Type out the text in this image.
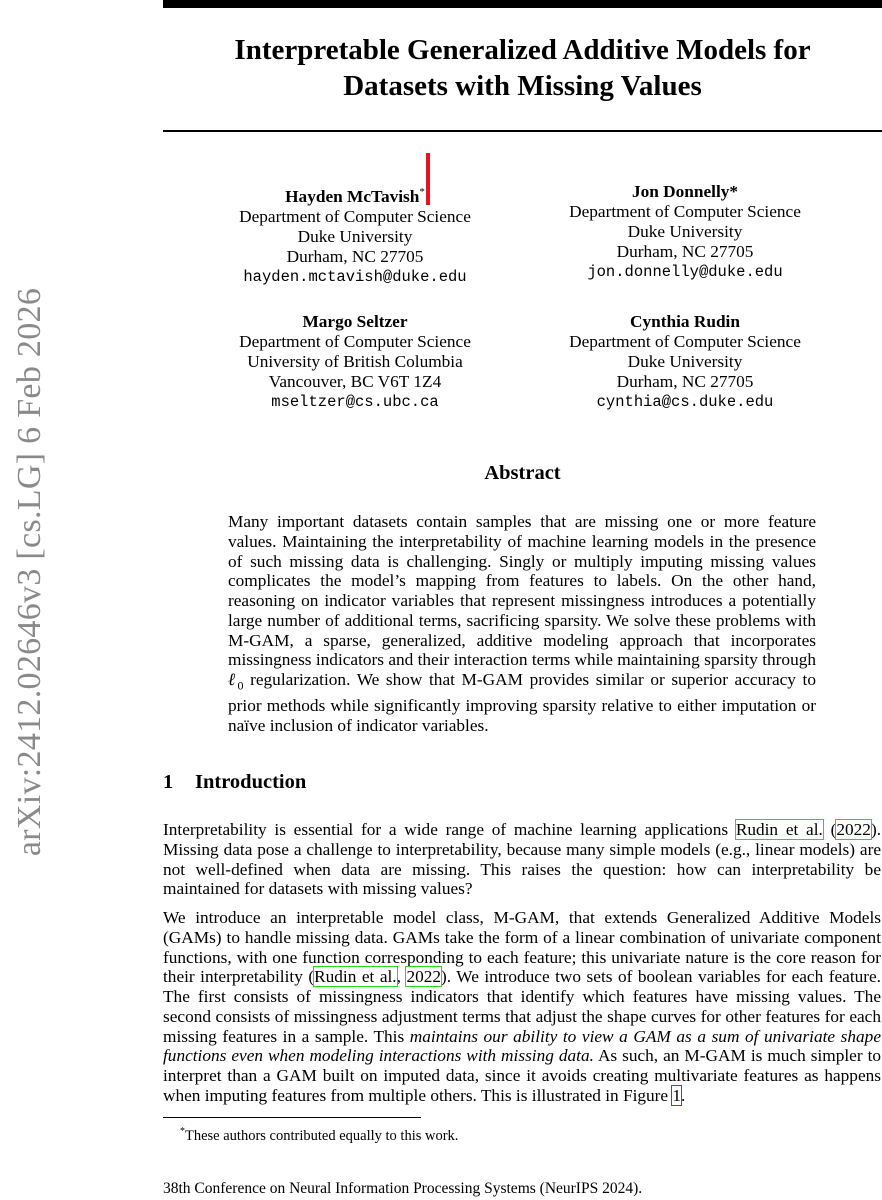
arXiv:2412.02646v3 [cs.LG] 6 Feb 2026
Interpretable Generalized Additive Models for
Datasets with Missing Values
Hayden McTavish*
Department of Computer Science
Duke University
Durham, NC 27705
hayden.mctavish@duke.edu
Jon Donnelly*
Department of Computer Science
Duke University
Durham, NC 27705
jon.donnelly@duke.edu
Margo Seltzer
Department of Computer Science
University of British Columbia
Vancouver, BC V6T 1Z4
mseltzer@cs.ubc.ca
Cynthia Rudin
Department of Computer Science
Duke University
Durham, NC 27705
cynthia@cs.duke.edu
Abstract
Many important datasets contain samples that are missing one or more feature values. Maintaining the interpretability of machine learning models in the presence of such missing data is challenging. Singly or multiply imputing missing values complicates the model’s mapping from features to labels. On the other hand, reasoning on indicator variables that represent missingness introduces a potentially large number of additional terms, sacrificing sparsity. We solve these problems with M-GAM, a sparse, generalized, additive modeling approach that incorporates missingness indicators and their interaction terms while maintaining sparsity through ℓ$_0$ regularization. We show that M-GAM provides similar or superior accuracy to prior methods while significantly improving sparsity relative to either imputation or naïve inclusion of indicator variables.
1 Introduction

Interpretability is essential for a wide range of machine learning applications Rudin et al. (2022). Missing data pose a challenge to interpretability, because many simple models (e.g., linear models) are not well-defined when data are missing. This raises the question: how can interpretability be maintained for datasets with missing values?

We introduce an interpretable model class, M-GAM, that extends Generalized Additive Models (GAMs) to handle missing data. GAMs take the form of a linear combination of univariate component functions, with one function corresponding to each feature; this univariate nature is the core reason for their interpretability (Rudin et al., 2022). We introduce two sets of boolean variables for each feature. The first consists of missingness indicators that identify which features have missing values. The second consists of missingness adjustment terms that adjust the shape curves for other features for each missing features in a sample. This maintains our ability to view a GAM as a sum of univariate shape functions even when modeling interactions with missing data. As such, an M-GAM is much simpler to interpret than a GAM built on imputed data, since it avoids creating multivariate features as happens when imputing features from multiple others. This is illustrated in Figure 1.

*These authors contributed equally to this work.
38th Conference on Neural Information Processing Systems (NeurIPS 2024).
